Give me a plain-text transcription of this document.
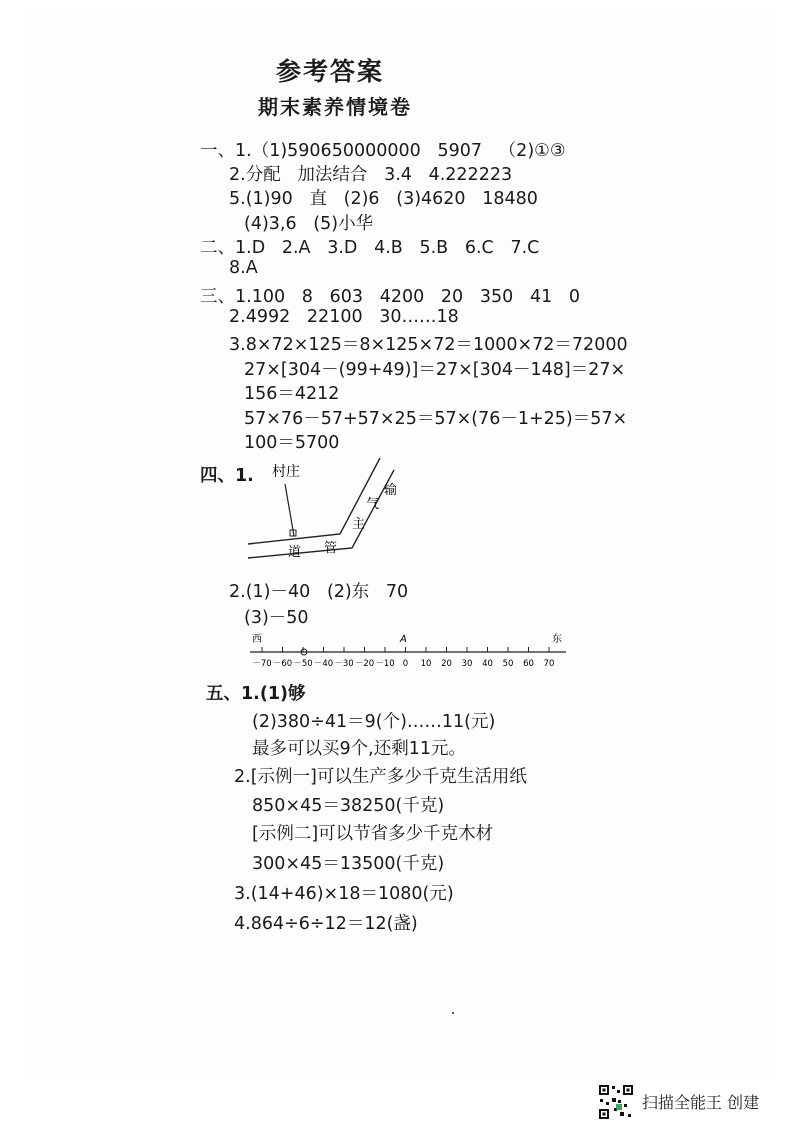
参考答案
期末素养情境卷
一、1.（1)590650000000   5907   （2)①③
2.分配   加法结合   3.4   4.222223
5.(1)90   直   (2)6   (3)4620   18480
(4)3,6   (5)小华
二、1.D   2.A   3.D   4.B   5.B   6.C   7.C
8.A
三、1.100   8   603   4200   20   350   41   0
2.4992   22100   30……18
3.8×72×125＝8×125×72＝1000×72＝72000
27×[304－(99+49)]＝27×[304－148]＝27×
156＝4212
57×76－57+57×25＝57×(76－1+25)＝57×
100＝5700
四、1. 村庄
输
气
主
道 管
2.(1)－40   (2)东   70
(3)－50
西	A	东
－70 －60 －50 －40 －30 －20 －10 0 10 20 30 40 50 60 70
五、1.(1)够
(2)380÷41＝9(个)……11(元)
最多可以买9个,还剩11元。
2.[示例一]可以生产多少千克生活用纸
850×45＝38250(千克)
[示例二]可以节省多少千克木材
300×45＝13500(千克)
3.(14+46)×18＝1080(元)
4.864÷6÷12＝12(盏)
扫描全能王 创建
